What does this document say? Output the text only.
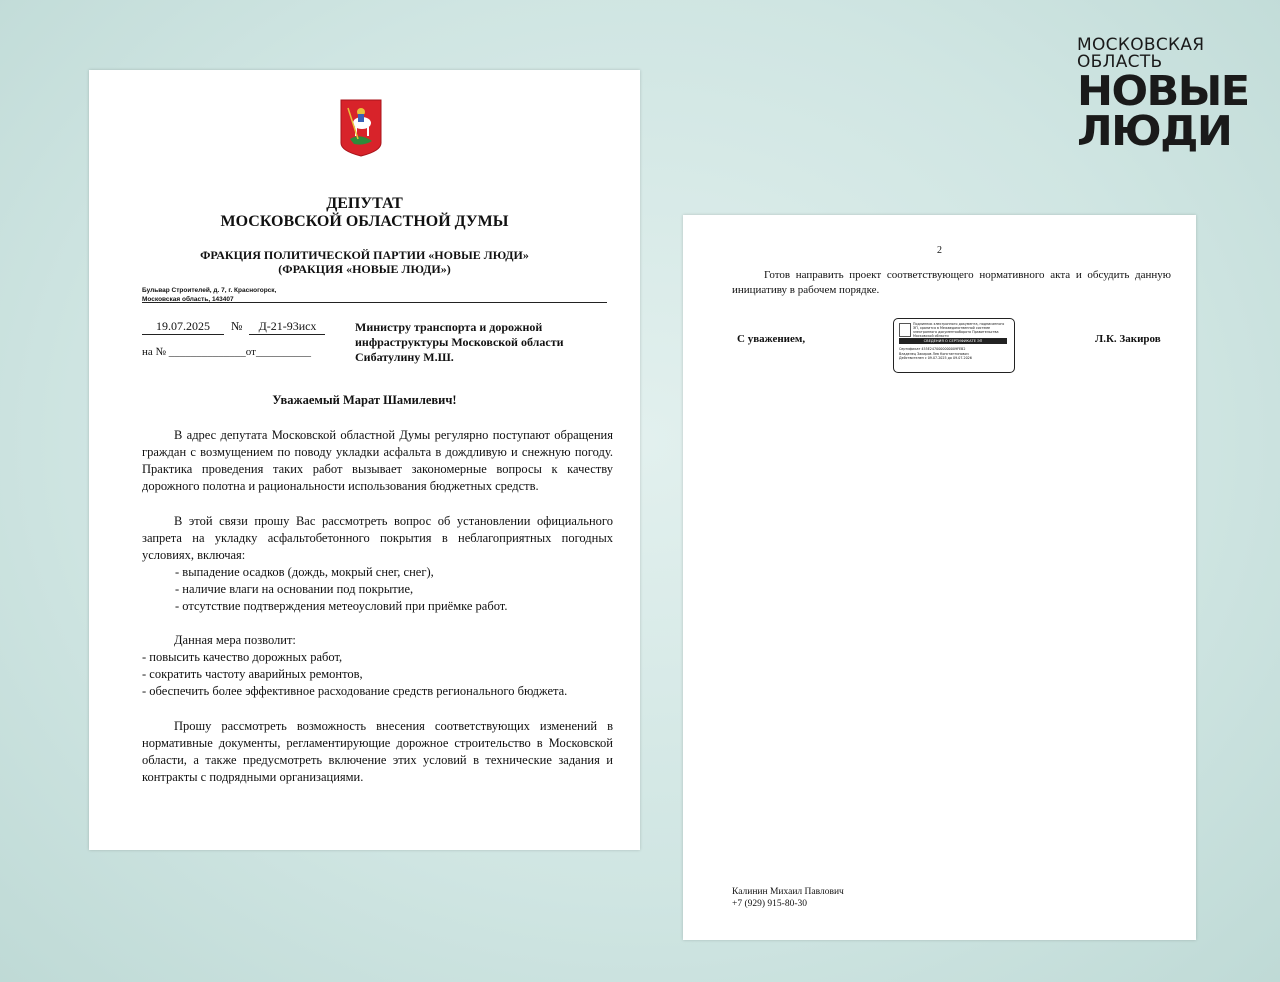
МОСКОВСКАЯ
ОБЛАСТЬ
НОВЫЕ
ЛЮДИ
ДЕПУТАТ
МОСКОВСКОЙ ОБЛАСТНОЙ ДУМЫ
ФРАКЦИЯ ПОЛИТИЧЕСКОЙ ПАРТИИ «НОВЫЕ ЛЮДИ»
(ФРАКЦИЯ «НОВЫЕ ЛЮДИ»)
Бульвар Строителей, д. 7, г. Красногорск,
Московская область, 143407
19.07.2025 № Д-21-93исх
на № ______________от__________
Министру транспорта и дорожной
инфраструктуры Московской области
Сибатулину М.Ш.
Уважаемый Марат Шамилевич!
В адрес депутата Московской областной Думы регулярно поступают обращения граждан с возмущением по поводу укладки асфальта в дождливую и снежную погоду. Практика проведения таких работ вызывает закономерные вопросы к качеству дорожного полотна и рациональности использования бюджетных средств.
В этой связи прошу Вас рассмотреть вопрос об установлении официального запрета на укладку асфальтобетонного покрытия в неблагоприятных погодных условиях, включая:
- выпадение осадков (дождь, мокрый снег, снег),
- наличие влаги на основании под покрытие,
- отсутствие подтверждения метеоусловий при приёмке работ.
Данная мера позволит:
- повысить качество дорожных работ,
- сократить частоту аварийных ремонтов,
- обеспечить более эффективное расходование средств регионального бюджета.
Прошу рассмотреть возможность внесения соответствующих изменений в нормативные документы, регламентирующие дорожное строительство в Московской области, а также предусмотреть включение этих условий в технические задания и контракты с подрядными организациями.
2
Готов направить проект соответствующего нормативного акта и обсудить данную инициативу в рабочем порядке.
С уважением,
Подлинник электронного документа, подписанного ЭП, хранится в Межведомственной системе электронного документооборота Правительства Московской области
СВЕДЕНИЯ О СЕРТИФИКАТЕ ЭП
Сертификат 455E2470000000009FEB2
Владелец Закиров Лев Константинович
Действителен с 09.07.2025 до 09.07.2026
Л.К. Закиров
Калинин Михаил Павлович
+7 (929) 915-80-30
